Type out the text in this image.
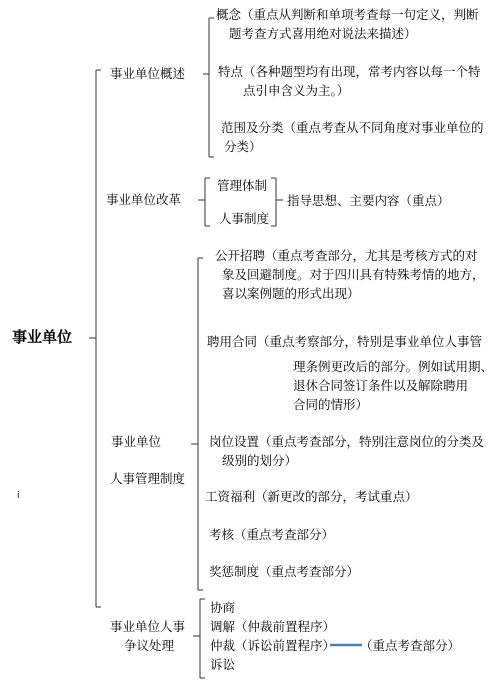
事业单位
i
事业单位概述
概念（重点从判断和单项考查每一句定义，判断
题考查方式喜用绝对说法来描述）
特点（各种题型均有出现，常考内容以每一个特
点引申含义为主。）
范围及分类（重点考查从不同角度对事业单位的
分类）
事业单位改革
管理体制
人事制度
指导思想、主要内容（重点）
事业单位
人事管理制度
公开招聘（重点考查部分，尤其是考核方式的对
象及回避制度。对于四川具有特殊考情的地方，
喜以案例题的形式出现）
聘用合同（重点考察部分，特别是事业单位人事管
理条例更改后的部分。例如试用期、
退休合同签订条件以及解除聘用
合同的情形）
岗位设置（重点考查部分，特别注意岗位的分类及
级别的划分）
工资福利（新更改的部分，考试重点）
考核（重点考查部分）
奖惩制度（重点考查部分）
事业单位人事
争议处理
协商
调解（仲裁前置程序）
仲裁（诉讼前置程序）
诉讼
（重点考查部分）
